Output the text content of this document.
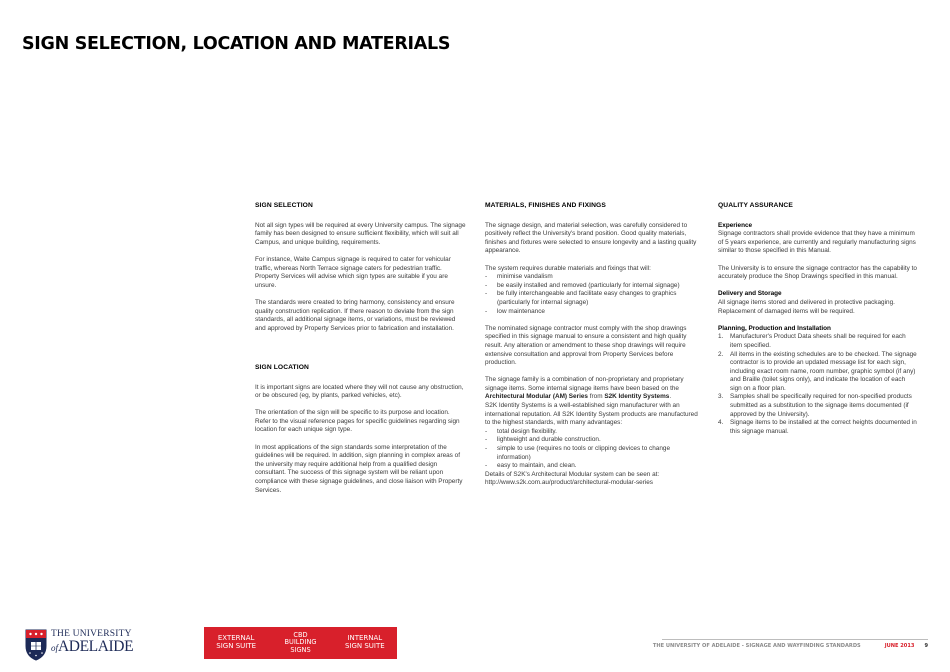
SIGN SELECTION, LOCATION AND MATERIALS
SIGN SELECTION

Not all sign types will be required at every University campus. The signage family has been designed to ensure sufficient flexibility, which will suit all Campus, and unique building, requirements.

For instance, Waite Campus signage is required to cater for vehicular traffic, whereas North Terrace signage caters for pedestrian traffic. Property Services will advise which sign types are suitable if you are unsure.

The standards were created to bring harmony, consistency and ensure quality construction replication. If there reason to deviate from the sign standards, all additional signage items, or variations, must be reviewed and approved by Property Services prior to fabrication and installation.

SIGN LOCATION

It is important signs are located where they will not cause any obstruction, or be obscured (eg, by plants, parked vehicles, etc).

The orientation of the sign will be specific to its purpose and location. Refer to the visual reference pages for specific guidelines regarding sign location for each unique sign type.

In most applications of the sign standards some interpretation of the guidelines will be required. In addition, sign planning in complex areas of the university may require additional help from a qualified design consultant. The success of this signage system will be reliant upon compliance with these signage guidelines, and close liaison with Property Services.

MATERIALS, FINISHES AND FIXINGS

The signage design, and material selection, was carefully considered to positively reflect the University's brand position. Good quality materials, finishes and fixtures were selected to ensure longevity and a lasting quality appearance.

The system requires durable materials and fixings that will:

- minimise vandalism
- be easily installed and removed (particularly for internal signage)
- be fully interchangeable and facilitate easy changes to graphics (particularly for internal signage)
- low maintenance

The nominated signage contractor must comply with the shop drawings specified in this signage manual to ensure a consistent and high quality result. Any alteration or amendment to these shop drawings will require extensive consultation and approval from Property Services before production.

The signage family is a combination of non-proprietary and proprietary signage items. Some internal signage items have been based on the Architectural Modular (AM) Series from S2K Identity Systems.

S2K Identity Systems is a well-established sign manufacturer with an international reputation. All S2K Identity System products are manufactured to the highest standards, with many advantages:

- total design flexibility.
- lightweight and durable construction.
- simple to use (requires no tools or clipping devices to change information)
- easy to maintain, and clean.

Details of S2K's Architectural Modular system can be seen at:

http://www.s2k.com.au/product/architectural-modular-series

QUALITY ASSURANCE
Experience

Signage contractors shall provide evidence that they have a minimum of 5 years experience, are currently and regularly manufacturing signs similar to those specified in this Manual.

The University is to ensure the signage contractor has the capability to accurately produce the Shop Drawings specified in this manual.

Delivery and Storage

All signage items stored and delivered in protective packaging. Replacement of damaged items will be required.

Planning, Production and Installation
1. Manufacturer's Product Data sheets shall be required for each item specified.
2. All items in the existing schedules are to be checked. The signage contractor is to provide an updated message list for each sign, including exact room name, room number, graphic symbol (if any) and Braille (toilet signs only), and indicate the location of each sign on a floor plan.
3. Samples shall be specifically required for non-specified products submitted as a substitution to the signage items documented (if approved by the University).
4. Signage items to be installed at the correct heights documented in this signage manual.
THE UNIVERSITY
ofADELAIDE	EXTERNAL
SIGN SUITE
CBD
BUILDING
SIGNS
INTERNAL
SIGN SUITE	THE UNIVERSITY OF ADELAIDE - SIGNAGE AND WAYFINDING STANDARDS	JUNE 2013 9
